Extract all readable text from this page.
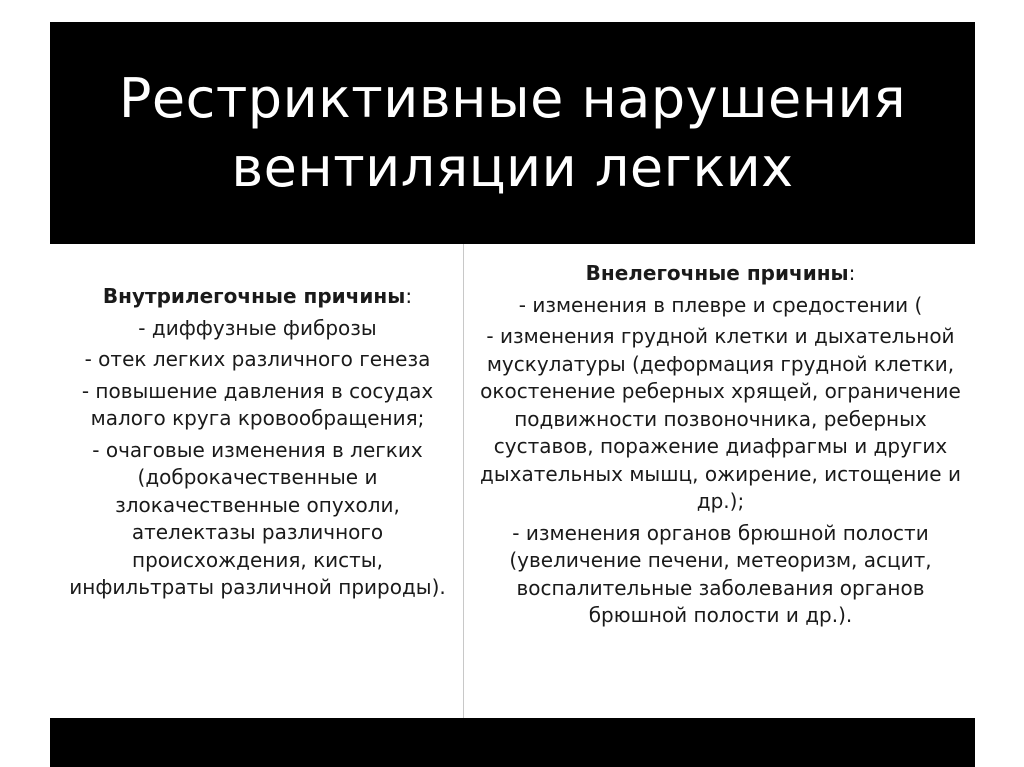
Рестриктивные нарушения
вентиляции легких

Внутрилегочные причины:

- диффузные фиброзы

- отек легких различного генеза

- повышение давления в сосудах малого круга кровообращения;

- очаговые изменения в легких (доброкачественные и злокачественные опухоли, ателектазы различного происхождения, кисты, инфильтраты различной природы).

Внелегочные причины:

- изменения в плевре и средостении (

- изменения грудной клетки и дыхательной мускулатуры (деформация грудной клетки, окостенение реберных хрящей, ограничение подвижности позвоночника, реберных суставов, поражение диафрагмы и других дыхательных мышц, ожирение, истощение и др.);

- изменения органов брюшной полости (увеличение печени, метеоризм, асцит, воспалительные заболевания органов брюшной полости и др.).
